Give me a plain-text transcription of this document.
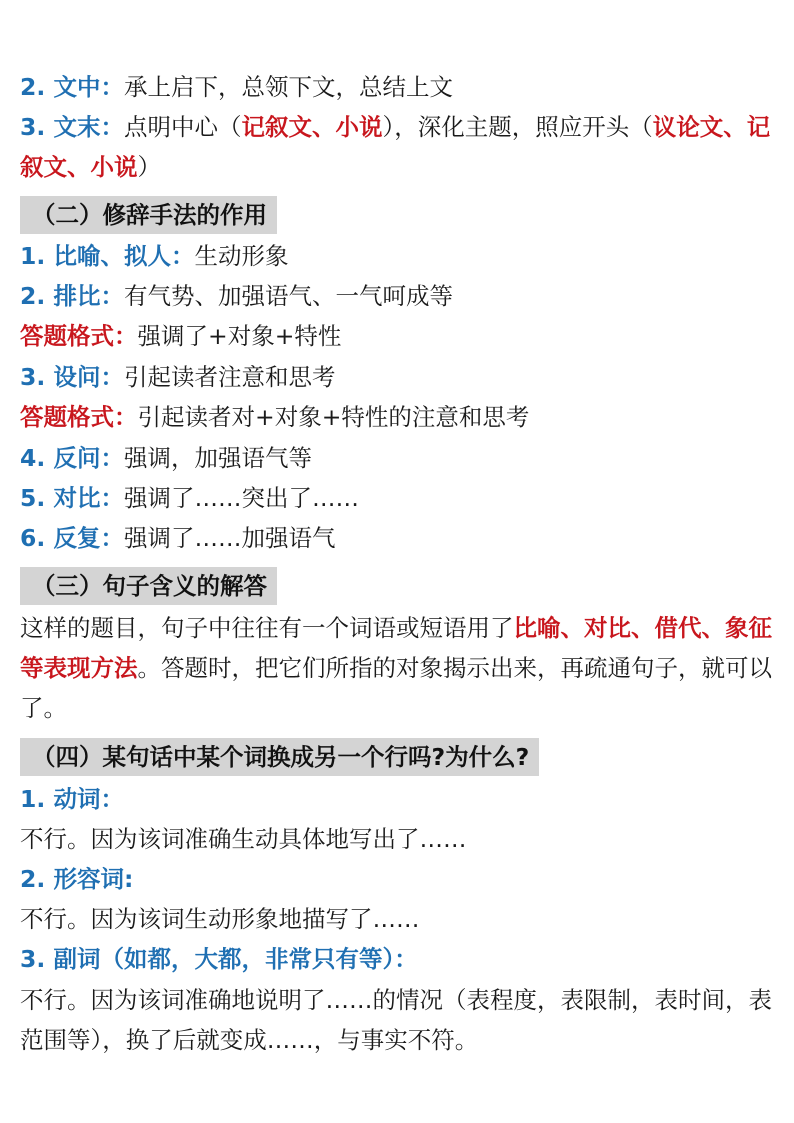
2. 文中：承上启下，总领下文，总结上文
3. 文末：点明中心（记叙文、小说），深化主题，照应开头（议论文、记叙文、小说）
（二）修辞手法的作用
1. 比喻、拟人：生动形象
2. 排比：有气势、加强语气、一气呵成等
答题格式：强调了+对象+特性
3. 设问：引起读者注意和思考
答题格式：引起读者对+对象+特性的注意和思考
4. 反问：强调，加强语气等
5. 对比：强调了……突出了……
6. 反复：强调了……加强语气
（三）句子含义的解答
这样的题目，句子中往往有一个词语或短语用了比喻、对比、借代、象征等表现方法。答题时，把它们所指的对象揭示出来，再疏通句子，就可以了。
（四）某句话中某个词换成另一个行吗?为什么?
1. 动词：
不行。因为该词准确生动具体地写出了……
2. 形容词:
不行。因为该词生动形象地描写了……
3. 副词（如都，大都，非常只有等）：
不行。因为该词准确地说明了……的情况（表程度，表限制，表时间，表范围等），换了后就变成……，与事实不符。
